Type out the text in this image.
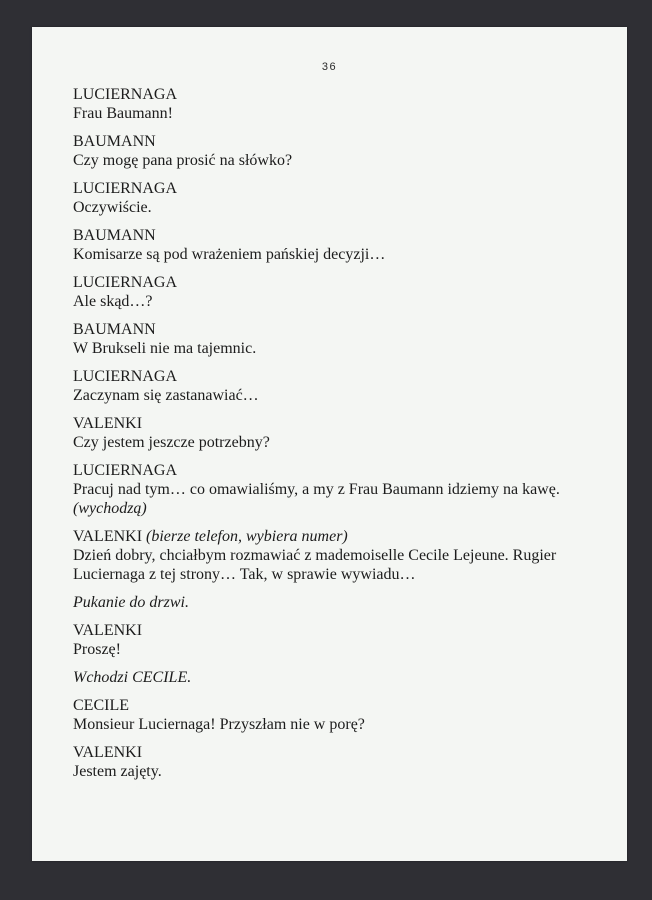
36
LUCIERNAGA
Frau Baumann!
BAUMANN
Czy mogę pana prosić na słówko?
LUCIERNAGA
Oczywiście.
BAUMANN
Komisarze są pod wrażeniem pańskiej decyzji…
LUCIERNAGA
Ale skąd…?
BAUMANN
W Brukseli nie ma tajemnic.
LUCIERNAGA
Zaczynam się zastanawiać…
VALENKI
Czy jestem jeszcze potrzebny?
LUCIERNAGA
Pracuj nad tym… co omawialiśmy, a my z Frau Baumann idziemy na kawę.
(wychodzą)
VALENKI (bierze telefon, wybiera numer)
Dzień dobry, chciałbym rozmawiać z mademoiselle Cecile Lejeune. Rugier
Luciernaga z tej strony… Tak, w sprawie wywiadu…
Pukanie do drzwi.
VALENKI
Proszę!
Wchodzi CECILE.
CECILE
Monsieur Luciernaga! Przyszłam nie w porę?
VALENKI
Jestem zajęty.
